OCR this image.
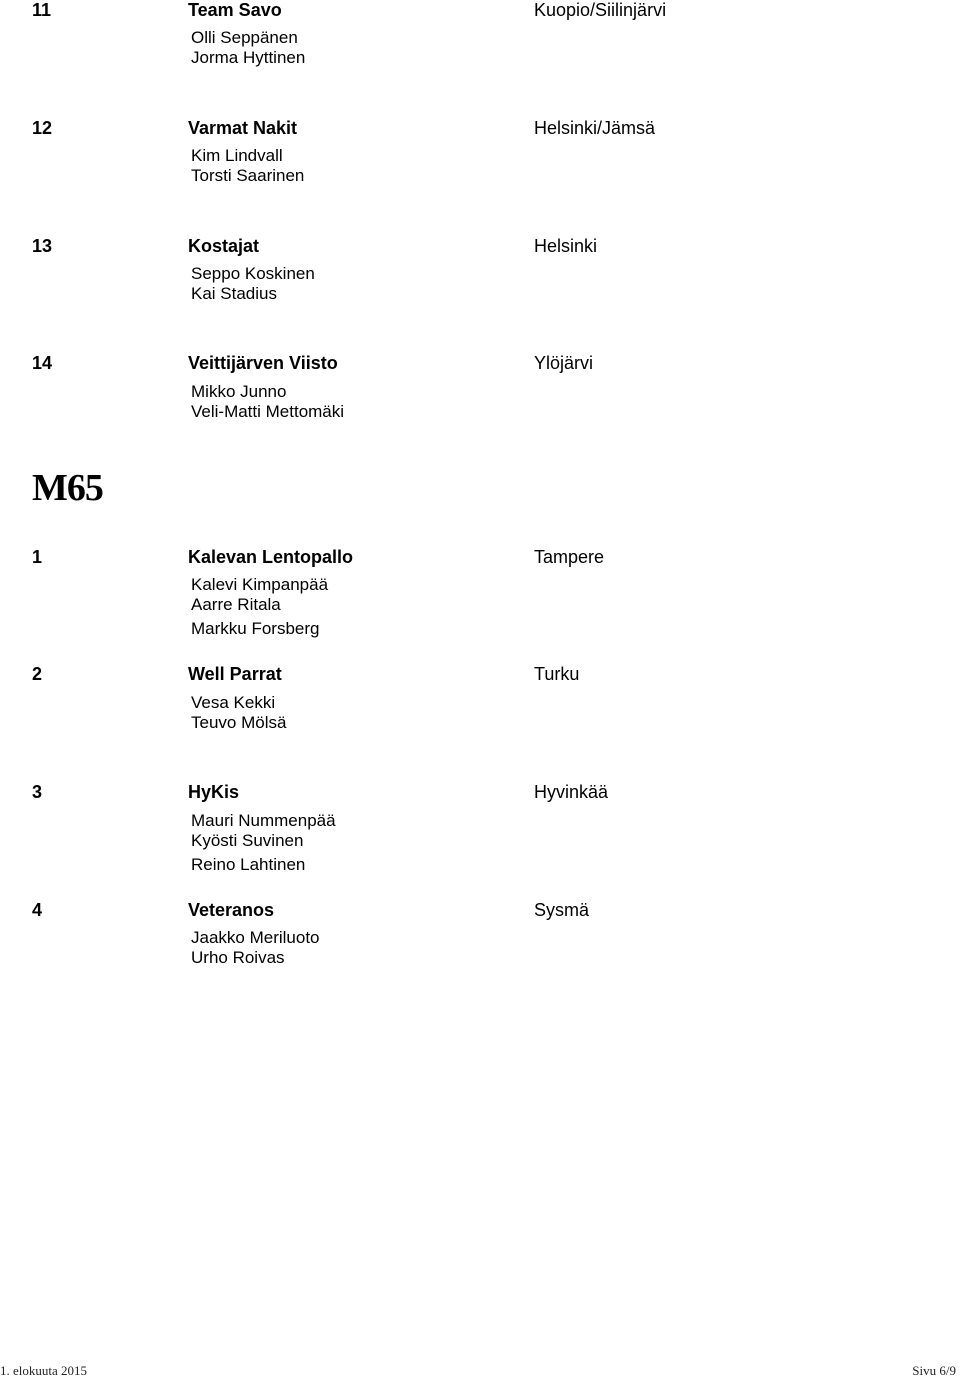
11	Team Savo	Kuopio/Siilinjärvi
Olli Seppänen
Jorma Hyttinen
12	Varmat Nakit	Helsinki/Jämsä
Kim Lindvall
Torsti Saarinen
13	Kostajat	Helsinki
Seppo Koskinen
Kai Stadius
14	Veittijärven Viisto	Ylöjärvi
Mikko Junno
Veli-Matti Mettomäki
M65
1	Kalevan Lentopallo	Tampere
Kalevi Kimpanpää
Aarre Ritala
Markku Forsberg
2	Well Parrat	Turku
Vesa Kekki
Teuvo Mölsä
3	HyKis	Hyvinkää
Mauri Nummenpää
Kyösti Suvinen
Reino Lahtinen
4	Veteranos	Sysmä
Jaakko Meriluoto
Urho Roivas
1. elokuuta 2015	Sivu 6/9
